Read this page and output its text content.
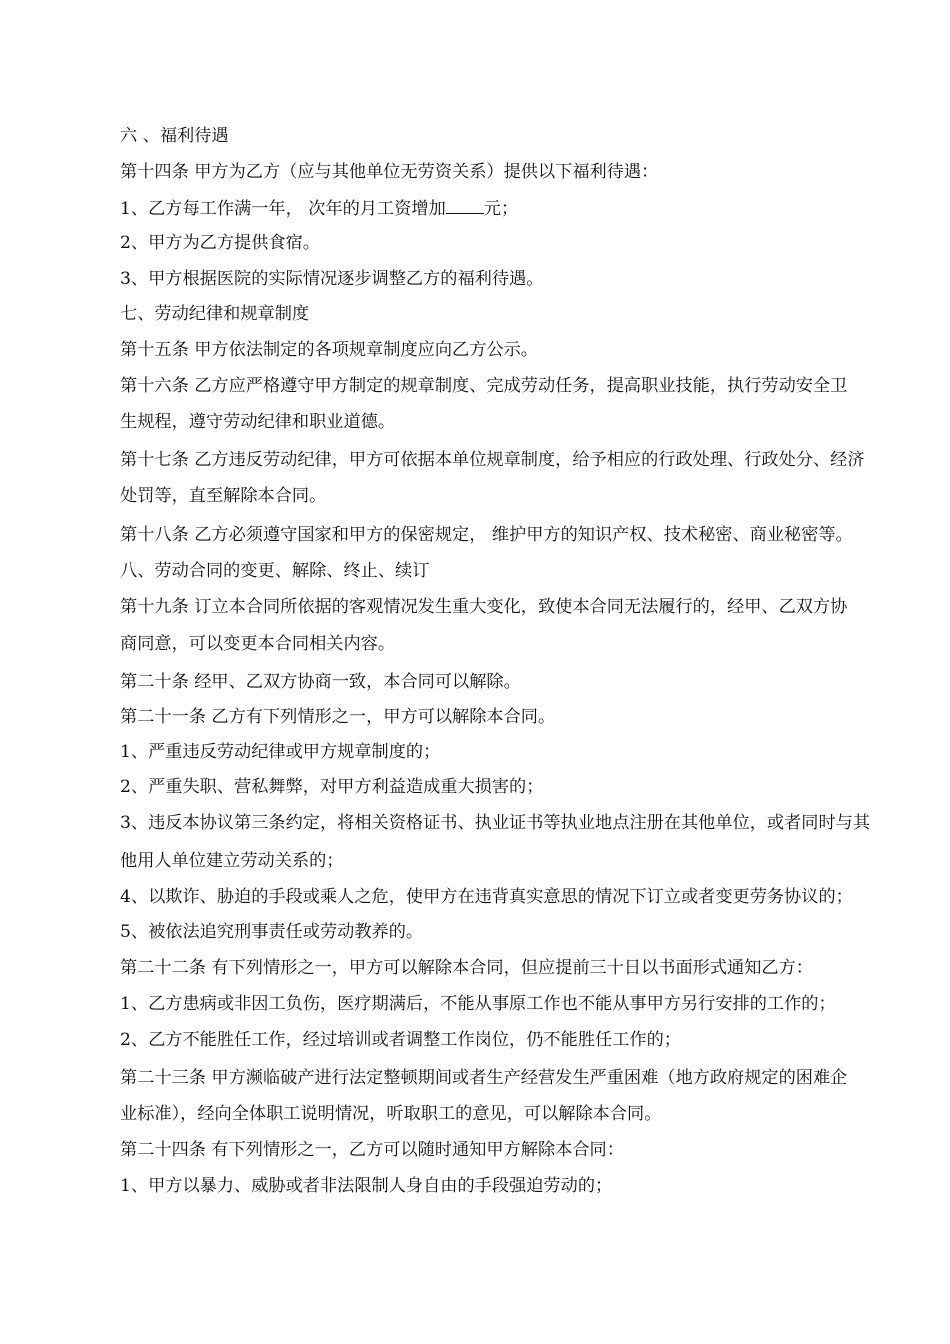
六 、福利待遇
第十四条 甲方为乙方（应与其他单位无劳资关系）提供以下福利待遇：
1、乙方每工作满一年， 次年的月工资增加 元；
2、甲方为乙方提供食宿。
3、甲方根据医院的实际情况逐步调整乙方的福利待遇。
七、劳动纪律和规章制度
第十五条 甲方依法制定的各项规章制度应向乙方公示。
第十六条 乙方应严格遵守甲方制定的规章制度、完成劳动任务，提高职业技能，执行劳动安全卫
生规程，遵守劳动纪律和职业道德。
第十七条 乙方违反劳动纪律，甲方可依据本单位规章制度，给予相应的行政处理、行政处分、经济
处罚等，直至解除本合同。
第十八条 乙方必须遵守国家和甲方的保密规定， 维护甲方的知识产权、技术秘密、商业秘密等。
八、劳动合同的变更、解除、终止、续订
第十九条 订立本合同所依据的客观情况发生重大变化，致使本合同无法履行的，经甲、乙双方协
商同意，可以变更本合同相关内容。
第二十条 经甲、乙双方协商一致，本合同可以解除。
第二十一条 乙方有下列情形之一，甲方可以解除本合同。
1、严重违反劳动纪律或甲方规章制度的；
2、严重失职、营私舞弊，对甲方利益造成重大损害的；
3、违反本协议第三条约定，将相关资格证书、执业证书等执业地点注册在其他单位，或者同时与其
他用人单位建立劳动关系的；
4、以欺诈、胁迫的手段或乘人之危，使甲方在违背真实意思的情况下订立或者变更劳务协议的；
5、被依法追究刑事责任或劳动教养的。
第二十二条 有下列情形之一，甲方可以解除本合同，但应提前三十日以书面形式通知乙方：
1、乙方患病或非因工负伤，医疗期满后，不能从事原工作也不能从事甲方另行安排的工作的；
2、乙方不能胜任工作，经过培训或者调整工作岗位，仍不能胜任工作的；
第二十三条 甲方濒临破产进行法定整顿期间或者生产经营发生严重困难（地方政府规定的困难企
业标准），经向全体职工说明情况，听取职工的意见，可以解除本合同。
第二十四条 有下列情形之一，乙方可以随时通知甲方解除本合同：
1、甲方以暴力、威胁或者非法限制人身自由的手段强迫劳动的；
